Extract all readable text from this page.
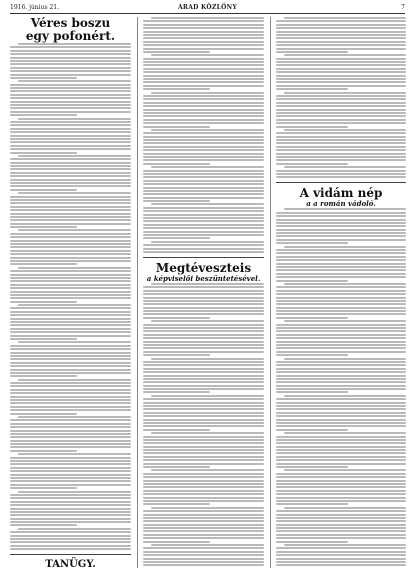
1916. június 21.	ARAD KÖZLÖNY	7
Véres boszu
egy pofonért.
TANÜGY.
Megtéveszteis
a képviselői beszüntetésével.
A vidám nép
a a román vádoló.
